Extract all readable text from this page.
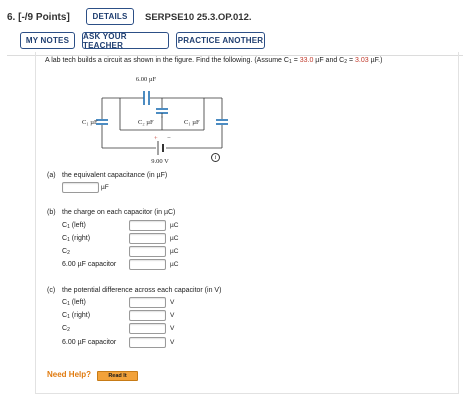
6. [-/9 Points]	DETAILS	SERPSE10 25.3.OP.012.
MY NOTES	ASK YOUR TEACHER	PRACTICE ANOTHER
A lab tech builds a circuit as shown in the figure. Find the following. (Assume $C_1 = 33.0$ µF and $C_2 = 3.03$ µF.)
6.00 µF
C₁ µF	C₂ µF	C₁ µF
+ −
9.00 V
i
(a) the equivalent capacitance (in µF)
µF
(b) the charge on each capacitor (in µC)
$C_1$ (left)	µC
$C_1$ (right)	µC
$C_2$	µC
6.00 µF capacitor	µC
(c) the potential difference across each capacitor (in V)
$C_1$ (left)	V
$C_1$ (right)	V
$C_2$	V
6.00 µF capacitor	V
Need Help?	Read It
